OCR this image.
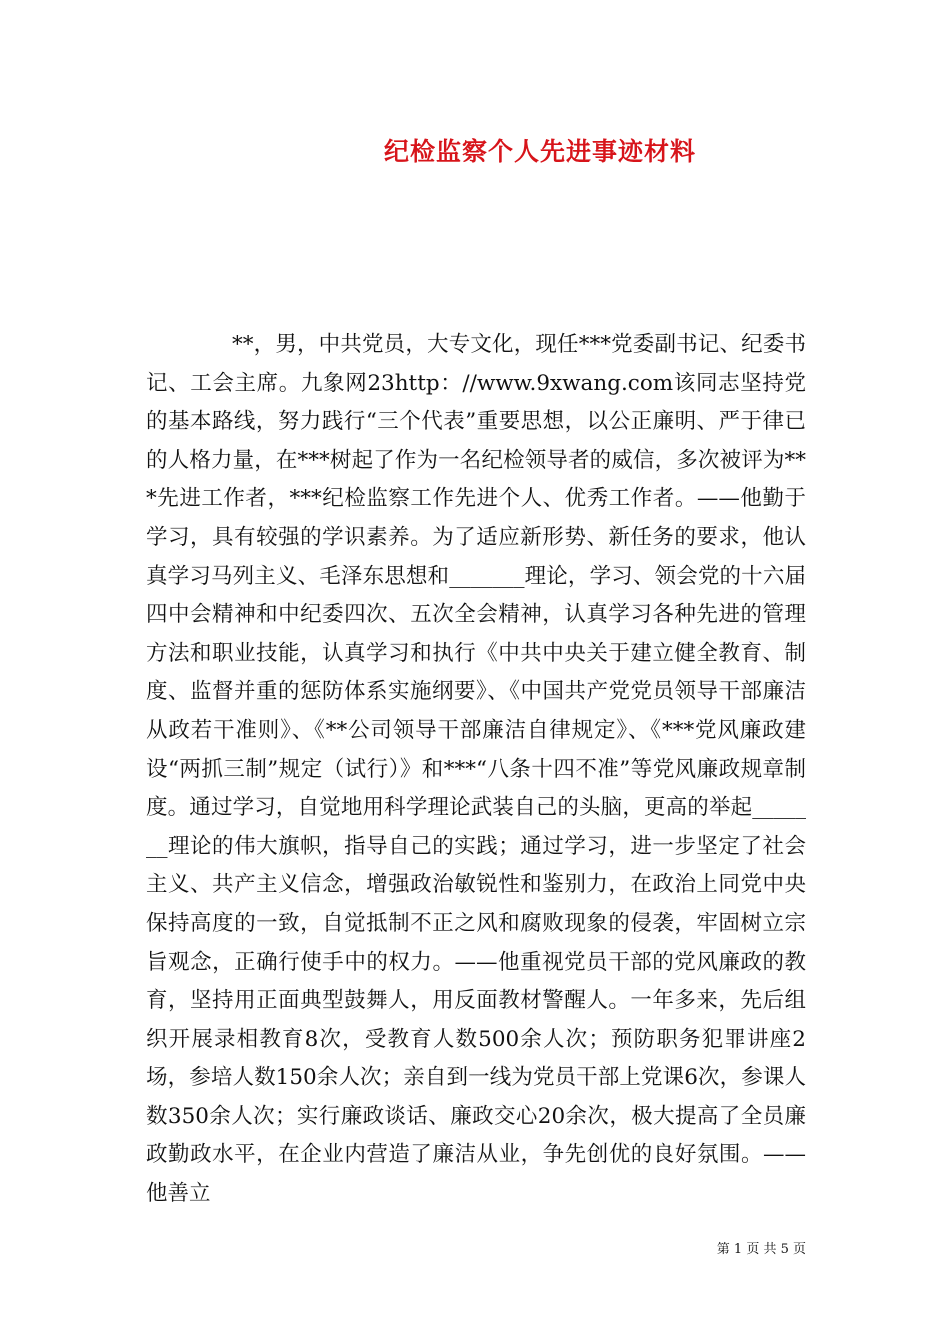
纪检监察个人先进事迹材料

**，男，中共党员，大专文化，现任***党委副书记、纪委书记、工会主席。九象网23http：//www.9xwang.com该同志坚持党的基本路线，努力践行“三个代表”重要思想，以公正廉明、严于律已的人格力量，在***树起了作为一名纪检领导者的威信，多次被评为***先进工作者，***纪检监察工作先进个人、优秀工作者。——他勤于学习，具有较强的学识素养。为了适应新形势、新任务的要求，他认真学习马列主义、毛泽东思想和_______理论，学习、领会党的十六届四中会精神和中纪委四次、五次全会精神，认真学习各种先进的管理方法和职业技能，认真学习和执行《中共中央关于建立健全教育、制度、监督并重的惩防体系实施纲要》、《中国共产党党员领导干部廉洁从政若干准则》、《**公司领导干部廉洁自律规定》、《***党风廉政建设“两抓三制”规定（试行）》和***“八条十四不准”等党风廉政规章制度。通过学习，自觉地用科学理论武装自己的头脑，更高的举起_______理论的伟大旗帜，指导自己的实践；通过学习，进一步坚定了社会主义、共产主义信念，增强政治敏锐性和鉴别力，在政治上同党中央保持高度的一致，自觉抵制不正之风和腐败现象的侵袭，牢固树立宗旨观念，正确行使手中的权力。——他重视党员干部的党风廉政的教育，坚持用正面典型鼓舞人，用反面教材警醒人。一年多来，先后组织开展录相教育8次，受教育人数500余人次；预防职务犯罪讲座2场，参培人数150余人次；亲自到一线为党员干部上党课6次，参课人数350余人次；实行廉政谈话、廉政交心20余次，极大提高了全员廉政勤政水平，在企业内营造了廉洁从业，争先创优的良好氛围。——他善立

第 1 页 共 5 页
